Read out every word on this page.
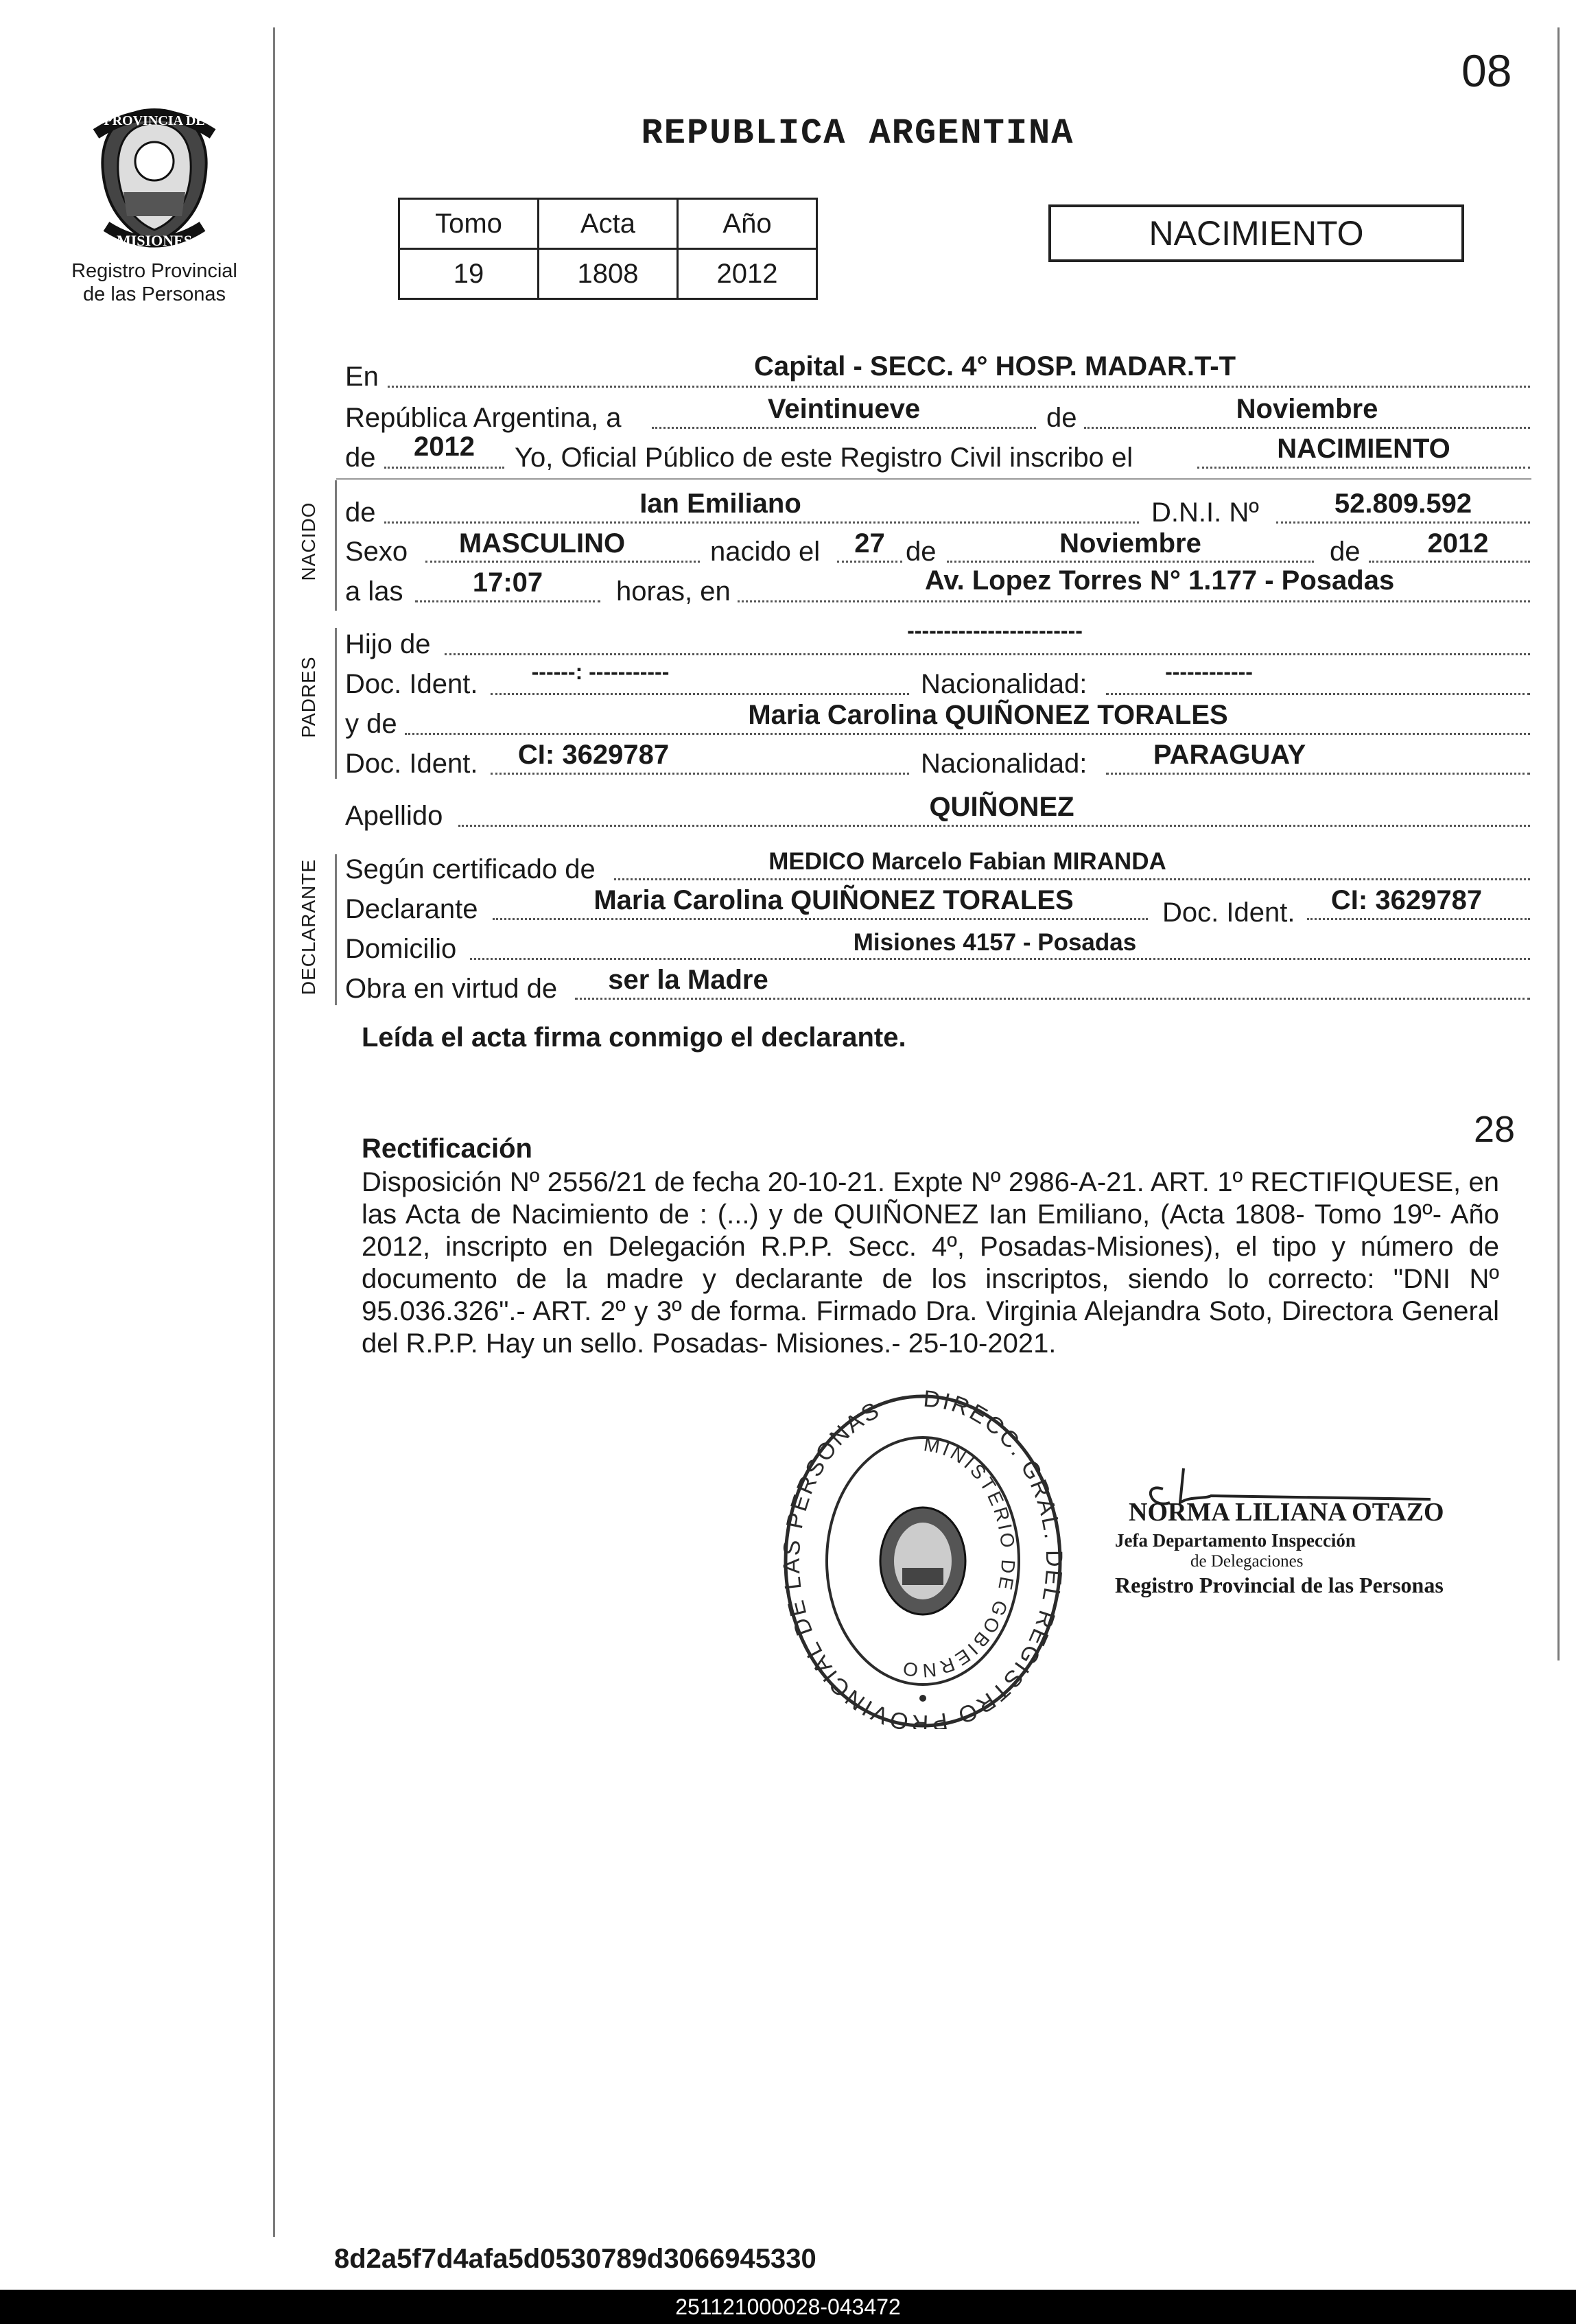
08
PROVINCIA DE
MISIONES
Registro Provincial
de las Personas
REPUBLICA ARGENTINA
Tomo	Acta	Año
19	1808	2012
NACIMIENTO
En	Capital - SECC. 4° HOSP. MADAR.T-T
República Argentina, a	Veintinueve	de	Noviembre
de	2012	Yo, Oficial Público de este Registro Civil inscribo el	NACIMIENTO
NACIDO de	Ian Emiliano	D.N.I. Nº	52.809.592
Sexo	MASCULINO	nacido el	27 de	Noviembre	de	2012
a las	17:07	horas, en	Av. Lopez Torres N° 1.177 - Posadas
PADRES
Hijo de	------------------------
Doc. Ident.	------: -----------	Nacionalidad:	------------
y de	Maria Carolina QUIÑONEZ TORALES
Doc. Ident.	CI: 3629787	Nacionalidad:	PARAGUAY
Apellido	QUIÑONEZ
DECLARANTE Según certificado de	MEDICO Marcelo Fabian MIRANDA
Declarante	Maria Carolina QUIÑONEZ TORALES	Doc. Ident.	CI: 3629787
Domicilio	Misiones 4157 - Posadas
Obra en virtud de	ser la Madre
Leída el acta firma conmigo el declarante.
28
Rectificación
Disposición Nº 2556/21 de fecha 20-10-21. Expte Nº 2986-A-21. ART. 1º RECTIFIQUESE, en las Acta de Nacimiento de : (...) y de QUIÑONEZ Ian Emiliano, (Acta 1808- Tomo 19º- Año 2012, inscripto en Delegación R.P.P. Secc. 4º, Posadas-Misiones), el tipo y número de documento de la madre y declarante de los inscriptos, siendo lo correcto: "DNI Nº 95.036.326".- ART. 2º y 3º de forma. Firmado Dra. Virginia Alejandra Soto, Directora General del R.P.P. Hay un sello. Posadas- Misiones.- 25-10-2021.
DIRECC. GRAL. DEL REGISTRO PROVINCIAL DE LAS PERSONAS
MINISTERIO DE GOBIERNO
NORMA LILIANA OTAZO
Jefa Departamento Inspección
de Delegaciones
Registro Provincial de las Personas
8d2a5f7d4afa5d0530789d3066945330
251121000028-043472
